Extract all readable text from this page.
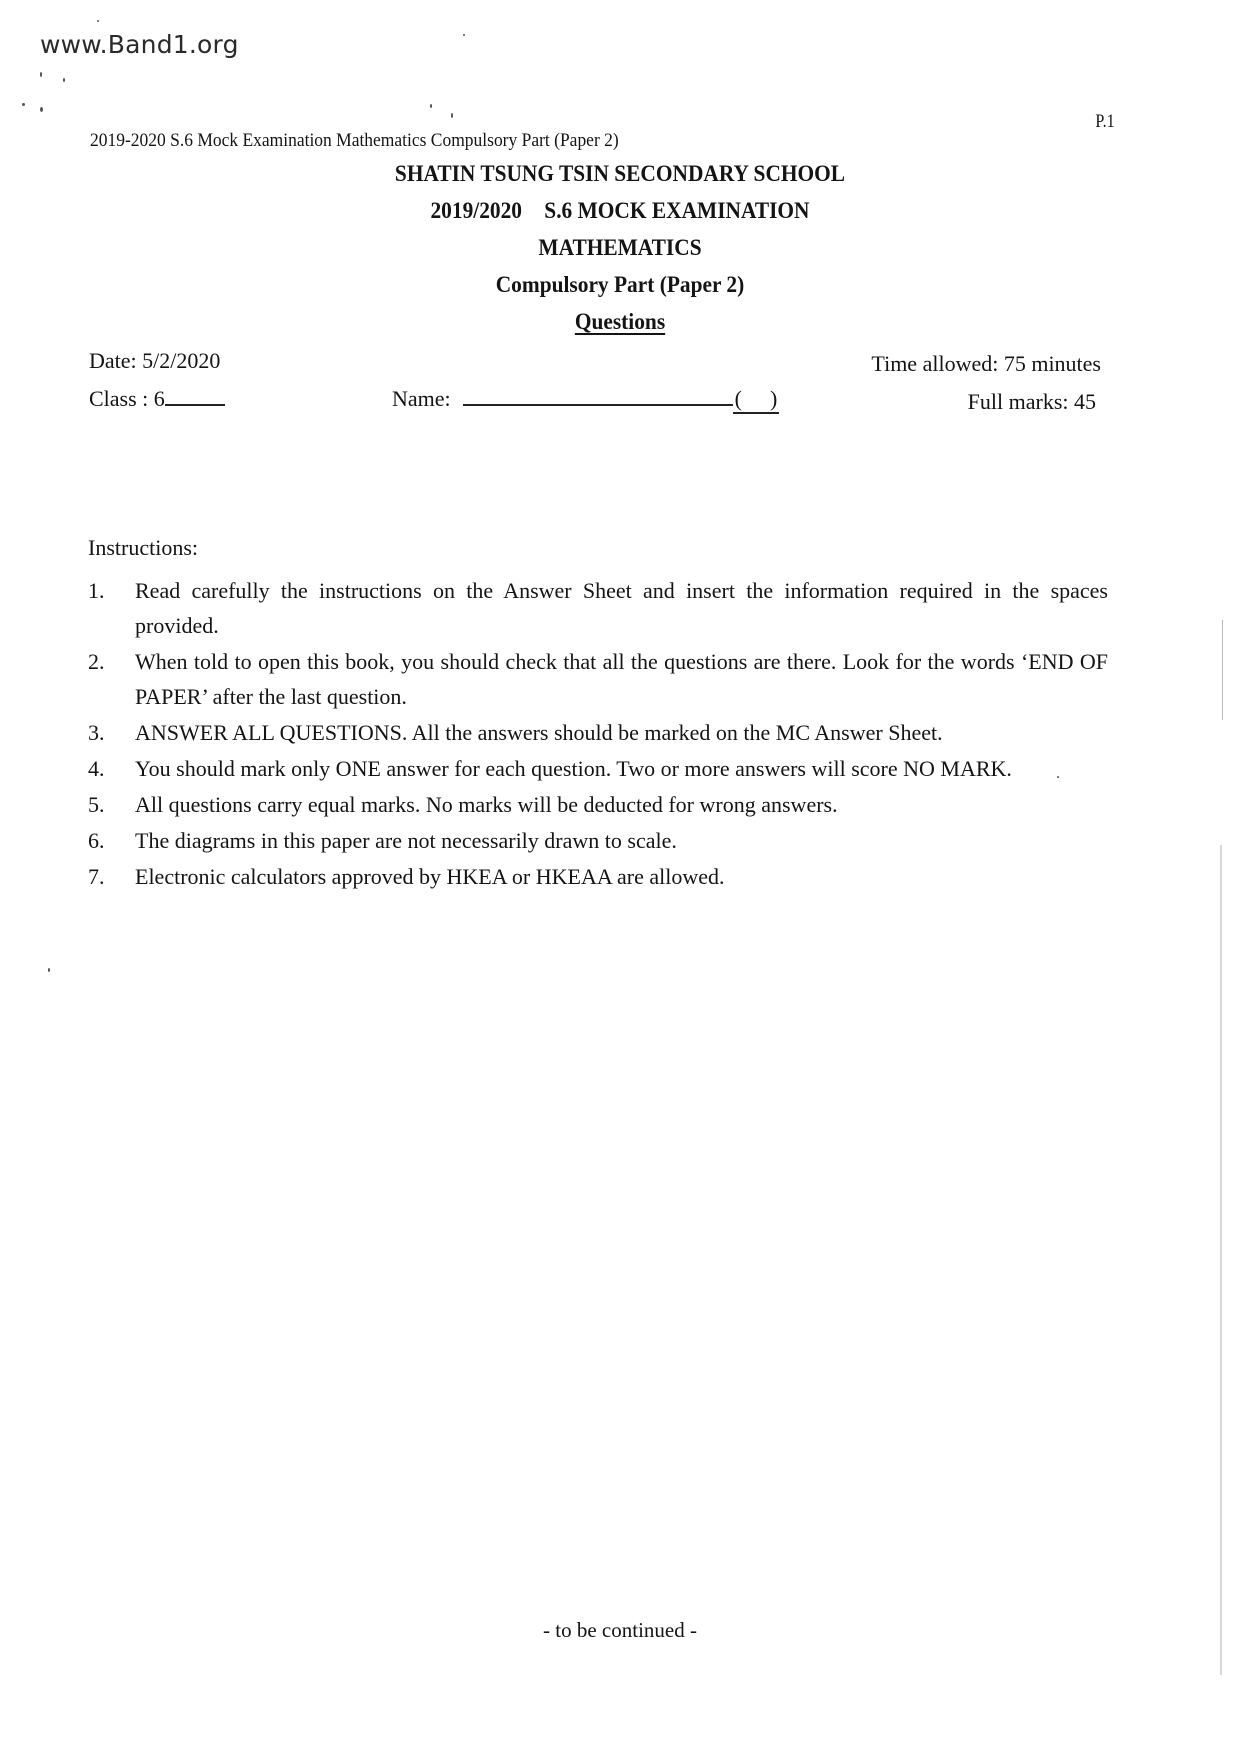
www.Band1.org
P.1
2019-2020 S.6 Mock Examination Mathematics Compulsory Part (Paper 2)
SHATIN TSUNG TSIN SECONDARY SCHOOL
2019/2020 S.6 MOCK EXAMINATION
MATHEMATICS
Compulsory Part (Paper 2)
Questions
Date: 5/2/2020	Time allowed: 75 minutes
Class : 6	Name:	( )	Full marks: 45
Instructions:
1. Read carefully the instructions on the Answer Sheet and insert the information required in the spaces provided.
2. When told to open this book, you should check that all the questions are there. Look for the words ‘END OF PAPER’ after the last question.
3. ANSWER ALL QUESTIONS. All the answers should be marked on the MC Answer Sheet.
4. You should mark only ONE answer for each question. Two or more answers will score NO MARK.
5. All questions carry equal marks. No marks will be deducted for wrong answers.
6. The diagrams in this paper are not necessarily drawn to scale.
7. Electronic calculators approved by HKEA or HKEAA are allowed.
- to be continued -
